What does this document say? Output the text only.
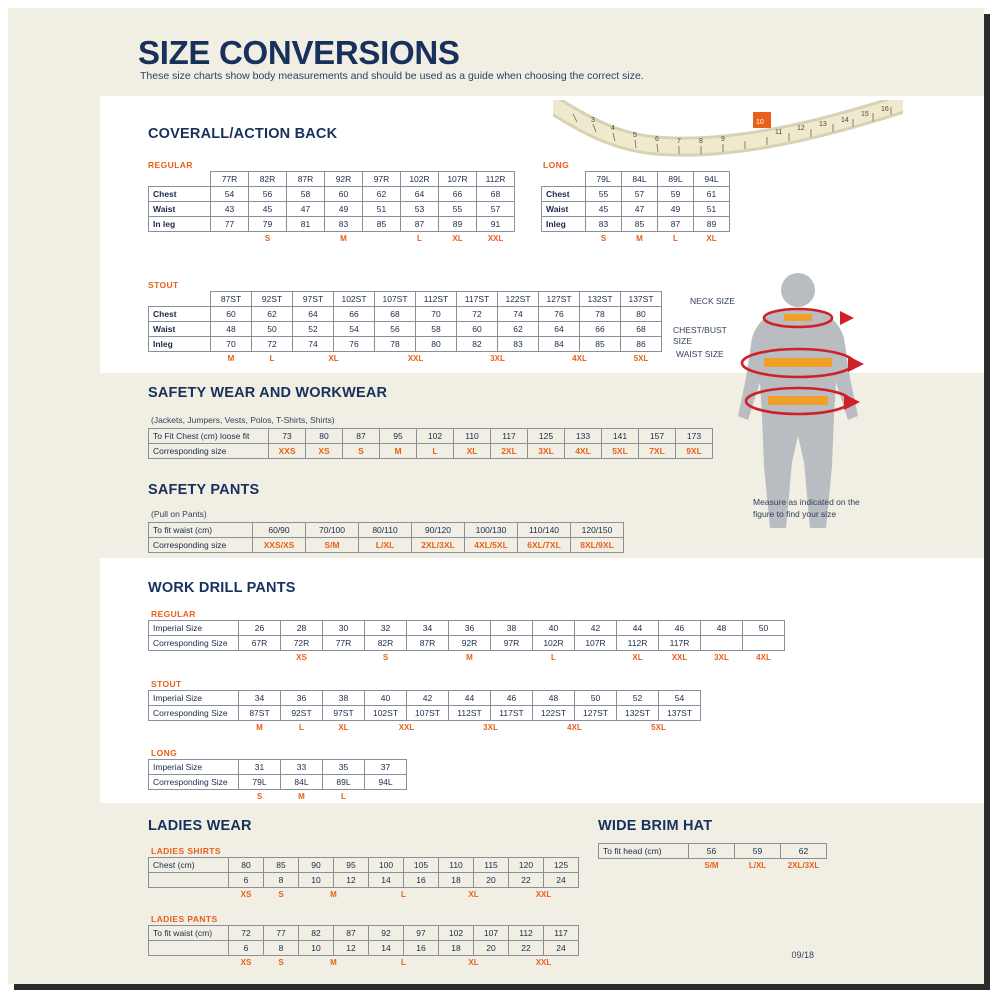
SIZE CONVERSIONS
These size charts show body measurements and should be used as a guide when choosing the correct size.
3
4
5
6	7	8	9
10
11
12
13
14
15
16
COVERALL/ACTION BACK
REGULAR
	77R	82R	87R	92R	97R	102R	107R	112R
Chest	54	56	58	60	62	64	66	68
Waist	43	45	47	49	51	53	55	57
In leg	77	79	81	83	85	87	89	91
		S		M		L	XL	XXL
LONG
	79L	84L	89L	94L
Chest	55	57	59	61
Waist	45	47	49	51
Inleg	83	85	87	89
	S	M	L	XL
STOUT
	87ST	92ST	97ST	102ST	107ST	112ST	117ST	122ST	127ST	132ST	137ST
Chest	60	62	64	66	68	70	72	74	76	78	80
Waist	48	50	52	54	56	58	60	62	64	66	68
Inleg	70	72	74	76	78	80	82	83	84	85	86
	M	L	XL		XXL		3XL		4XL		5XL
SAFETY WEAR AND WORKWEAR
(Jackets, Jumpers, Vests, Polos, T-Shirts, Shirts)
To Fit Chest (cm) loose fit	73	80	87	95	102	110	117	125	133	141	157	173
Corresponding size	XXS	XS	S	M	L	XL	2XL	3XL	4XL	5XL	7XL	9XL
SAFETY PANTS
(Pull on Pants)
To fit waist (cm)	60/90	70/100	80/110	90/120	100/130	110/140	120/150
Corresponding size	XXS/XS	S/M	L/XL	2XL/3XL	4XL/5XL	6XL/7XL	8XL/9XL
WORK DRILL PANTS
REGULAR
Imperial Size	26	28	30	32	34	36	38	40	42	44	46	48	50
Corresponding Size	67R	72R	77R	82R	87R	92R	97R	102R	107R	112R	117R		
		XS		S		M		L		XL	XXL	3XL	4XL
STOUT
Imperial Size	34	36	38	40	42	44	46	48	50	52	54
Corresponding Size	87ST	92ST	97ST	102ST	107ST	112ST	117ST	122ST	127ST	132ST	137ST
	M	L	XL	XXL		3XL		4XL		5XL	
LONG
Imperial Size	31	33	35	37
Corresponding Size	79L	84L	89L	94L
	S	M	L	
LADIES WEAR
LADIES SHIRTS
Chest (cm)	80	85	90	95	100	105	110	115	120	125
	6	8	10	12	14	16	18	20	22	24
	XS	S	M		L		XL		XXL	
LADIES PANTS
To fit waist (cm)	72	77	82	87	92	97	102	107	112	117
	6	8	10	12	14	16	18	20	22	24
	XS	S	M		L		XL		XXL	
WIDE BRIM HAT
To fit head (cm)	56	59	62
	S/M	L/XL	2XL/3XL
NECK SIZE
CHEST/BUST SIZE
WAIST SIZE
Measure as indicated on the figure to find your size
09/18
